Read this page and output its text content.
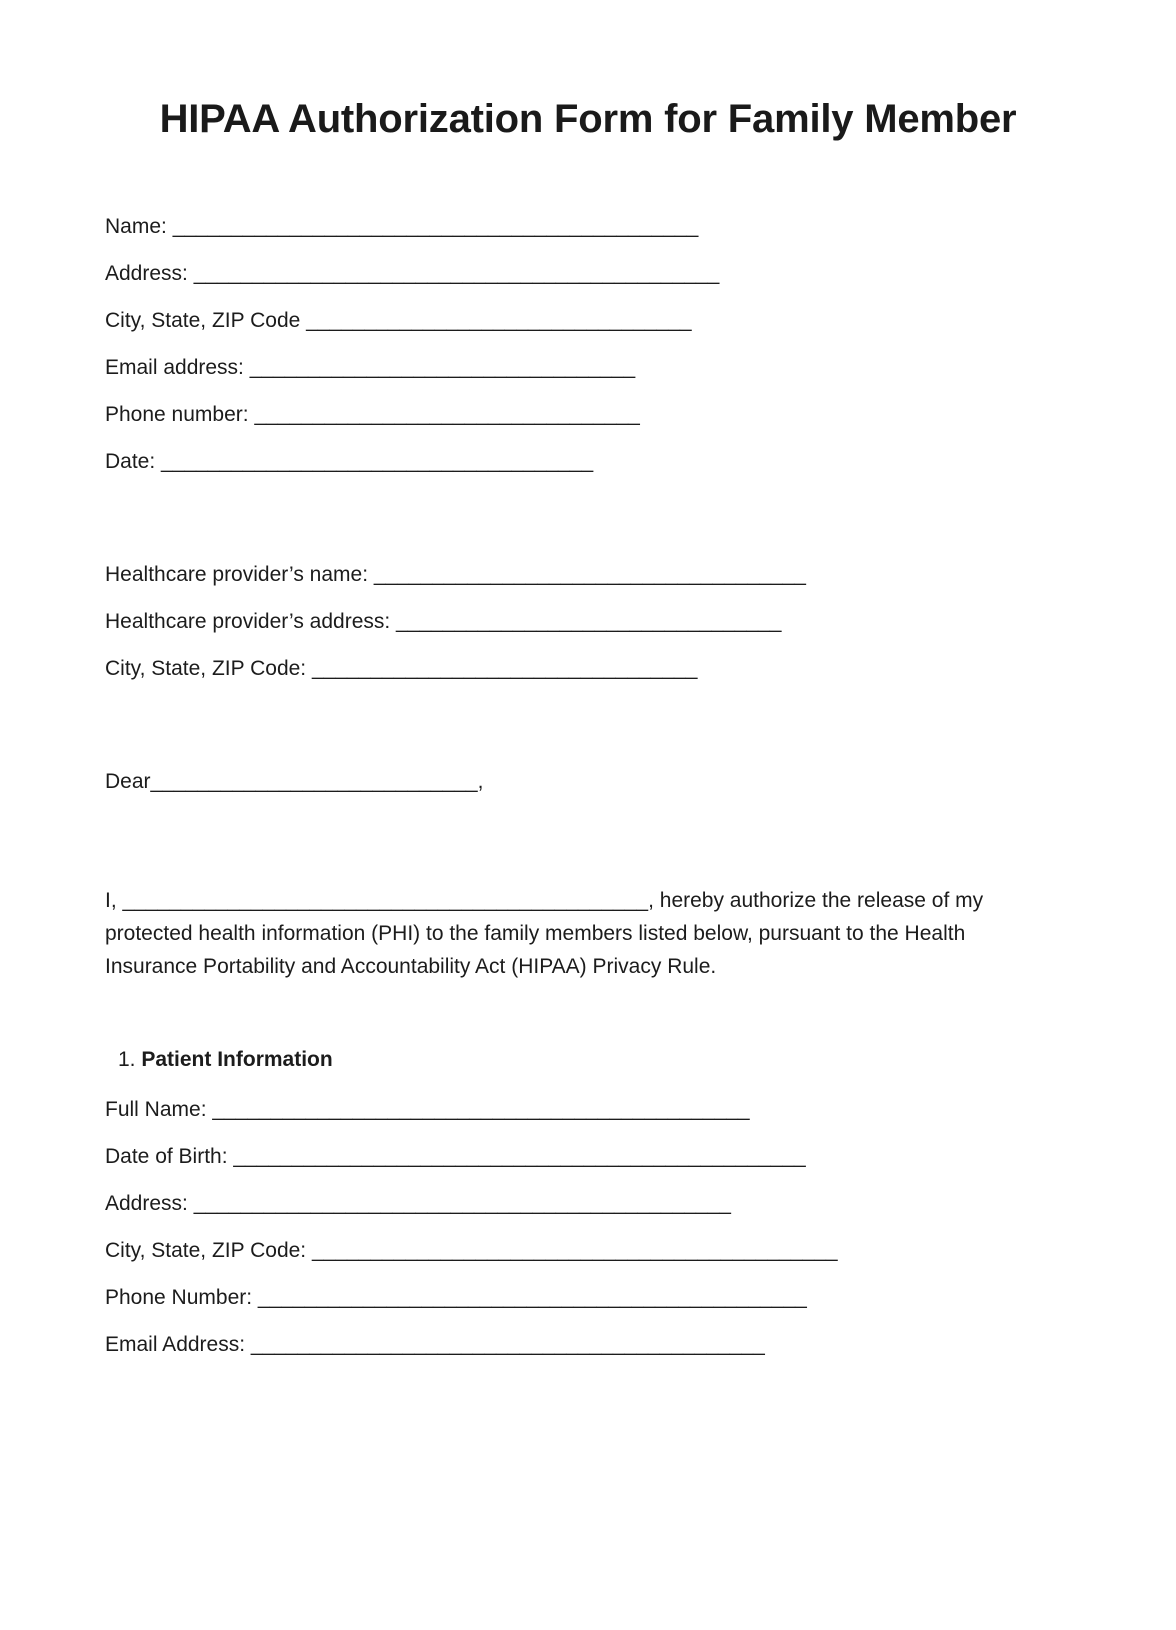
HIPAA Authorization Form for Family Member
Name: _____________________________________________
Address: _____________________________________________
City, State, ZIP Code _________________________________
Email address: _________________________________
Phone number: _________________________________
Date: _____________________________________
Healthcare provider’s name: _____________________________________
Healthcare provider’s address: _________________________________
City, State, ZIP Code: _________________________________
Dear ____________________________ ,

I, _____________________________________________, hereby authorize the release of my protected health information (PHI) to the family members listed below, pursuant to the Health Insurance Portability and Accountability Act (HIPAA) Privacy Rule.

1. Patient Information
Full Name: ______________________________________________
Date of Birth: _________________________________________________
Address: ______________________________________________
City, State, ZIP Code: _____________________________________________
Phone Number: _______________________________________________
Email Address: ____________________________________________
